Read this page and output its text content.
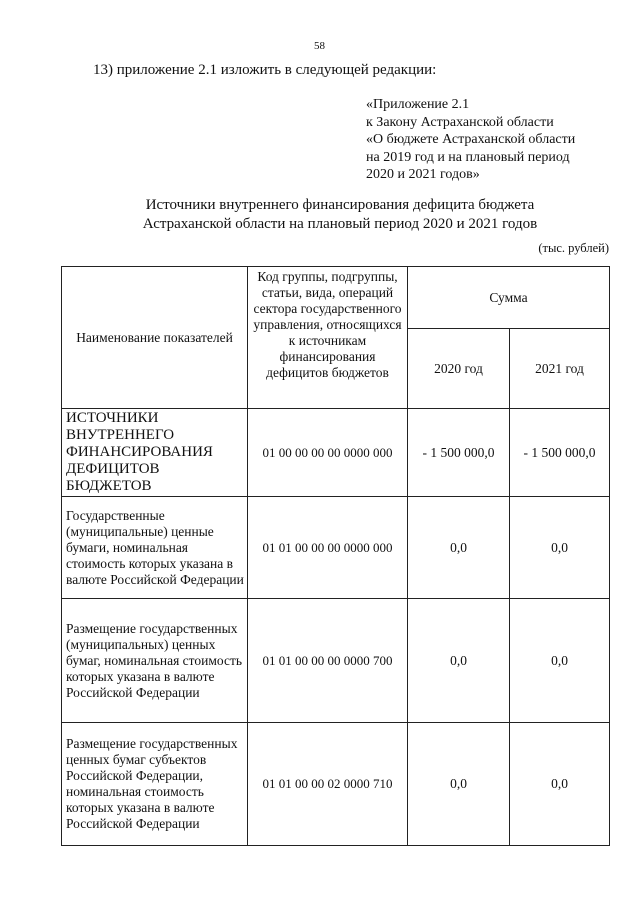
58
13) приложение 2.1 изложить в следующей редакции:
«Приложение 2.1
к Закону Астраханской области
«О бюджете Астраханской области
на 2019 год и на плановый период
2020 и 2021 годов»
Источники внутреннего финансирования дефицита бюджета
Астраханской области на плановый период 2020 и 2021 годов
(тыс. рублей)
Наименование показателей	Код группы, подгруппы, статьи, вида, операций сектора государственного управления, относящихся к источникам финансирования дефицитов бюджетов	Сумма	
		2020 год	2021 год
ИСТОЧНИКИ ВНУТРЕННЕГО ФИНАНСИРОВАНИЯ ДЕФИЦИТОВ БЮДЖЕТОВ	01 00 00 00 00 0000 000	- 1 500 000,0	- 1 500 000,0
Государственные (муниципальные) ценные бумаги, номинальная стоимость которых указана в валюте Российской Федерации	01 01 00 00 00 0000 000	0,0	0,0
Размещение государственных (муниципальных) ценных бумаг, номинальная стоимость которых указана в валюте Российской Федерации	01 01 00 00 00 0000 700	0,0	0,0
Размещение государственных ценных бумаг субъектов Российской Федерации, номинальная стоимость которых указана в валюте Российской Федерации	01 01 00 00 02 0000 710	0,0	0,0
